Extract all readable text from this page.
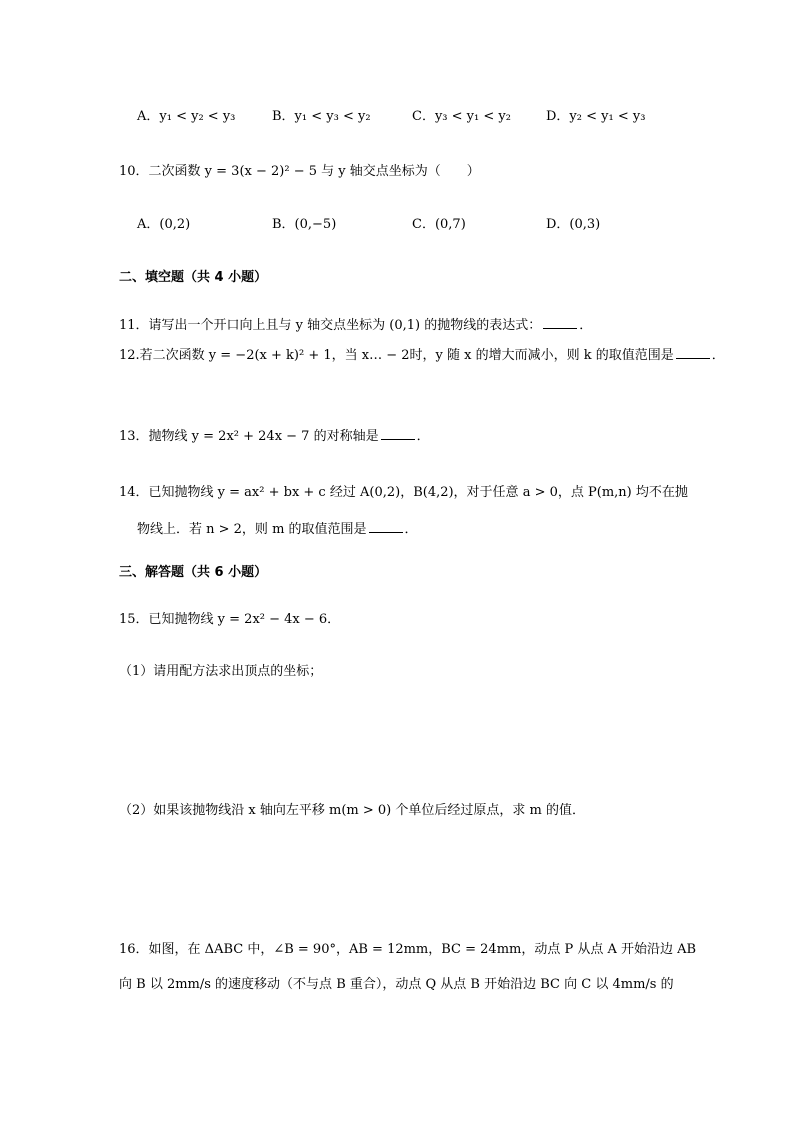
A．y₁ < y₂ < y₃	B．y₁ < y₃ < y₂	C．y₃ < y₁ < y₂	D．y₂ < y₁ < y₃
10．二次函数 y = 3(x − 2)² − 5 与 y 轴交点坐标为（　　）
A．(0,2)	B．(0,−5)	C．(0,7)	D．(0,3)
二、填空题（共 4 小题）
11．请写出一个开口向上且与 y 轴交点坐标为 (0,1) 的抛物线的表达式：	．
12.若二次函数 y = −2(x + k)² + 1，当 x… − 2时，y 随 x 的增大而减小，则 k 的取值范围是	．
13．抛物线 y = 2x² + 24x − 7 的对称轴是	．
14．已知抛物线 y = ax² + bx + c 经过 A(0,2)，B(4,2)，对于任意 a > 0，点 P(m,n) 均不在抛
物线上．若 n > 2，则 m 的取值范围是	．
三、解答题（共 6 小题）
15．已知抛物线 y = 2x² − 4x − 6．
（1）请用配方法求出顶点的坐标；
（2）如果该抛物线沿 x 轴向左平移 m(m > 0) 个单位后经过原点，求 m 的值．
16．如图，在 ΔABC 中，∠B = 90°，AB = 12mm，BC = 24mm，动点 P 从点 A 开始沿边 AB
向 B 以 2mm/s 的速度移动（不与点 B 重合），动点 Q 从点 B 开始沿边 BC 向 C 以 4mm/s 的
